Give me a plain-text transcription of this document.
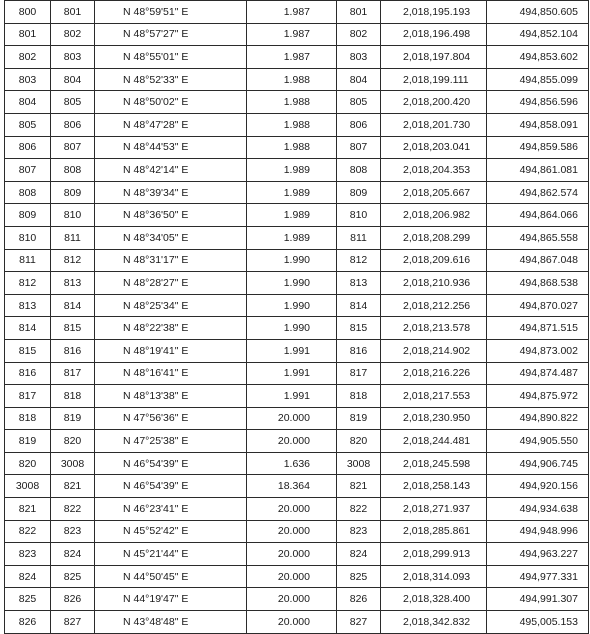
800	801	N 48°59'51" E	1.987	801	2,018,195.193	494,850.605
801	802	N 48°57'27" E	1.987	802	2,018,196.498	494,852.104
802	803	N 48°55'01" E	1.987	803	2,018,197.804	494,853.602
803	804	N 48°52'33" E	1.988	804	2,018,199.111	494,855.099
804	805	N 48°50'02" E	1.988	805	2,018,200.420	494,856.596
805	806	N 48°47'28" E	1.988	806	2,018,201.730	494,858.091
806	807	N 48°44'53" E	1.988	807	2,018,203.041	494,859.586
807	808	N 48°42'14" E	1.989	808	2,018,204.353	494,861.081
808	809	N 48°39'34" E	1.989	809	2,018,205.667	494,862.574
809	810	N 48°36'50" E	1.989	810	2,018,206.982	494,864.066
810	811	N 48°34'05" E	1.989	811	2,018,208.299	494,865.558
811	812	N 48°31'17" E	1.990	812	2,018,209.616	494,867.048
812	813	N 48°28'27" E	1.990	813	2,018,210.936	494,868.538
813	814	N 48°25'34" E	1.990	814	2,018,212.256	494,870.027
814	815	N 48°22'38" E	1.990	815	2,018,213.578	494,871.515
815	816	N 48°19'41" E	1.991	816	2,018,214.902	494,873.002
816	817	N 48°16'41" E	1.991	817	2,018,216.226	494,874.487
817	818	N 48°13'38" E	1.991	818	2,018,217.553	494,875.972
818	819	N 47°56'36" E	20.000	819	2,018,230.950	494,890.822
819	820	N 47°25'38" E	20.000	820	2,018,244.481	494,905.550
820	3008	N 46°54'39" E	1.636	3008	2,018,245.598	494,906.745
3008	821	N 46°54'39" E	18.364	821	2,018,258.143	494,920.156
821	822	N 46°23'41" E	20.000	822	2,018,271.937	494,934.638
822	823	N 45°52'42" E	20.000	823	2,018,285.861	494,948.996
823	824	N 45°21'44" E	20.000	824	2,018,299.913	494,963.227
824	825	N 44°50'45" E	20.000	825	2,018,314.093	494,977.331
825	826	N 44°19'47" E	20.000	826	2,018,328.400	494,991.307
826	827	N 43°48'48" E	20.000	827	2,018,342.832	495,005.153
